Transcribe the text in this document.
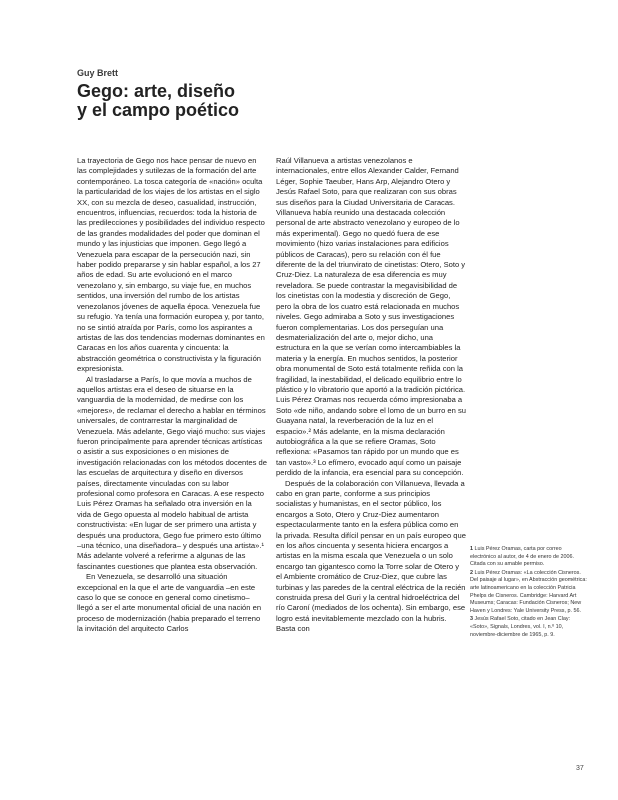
Guy Brett
Gego: arte, diseño
y el campo poético

La trayectoria de Gego nos hace pensar de nuevo en las complejidades y sutilezas de la formación del arte contemporáneo. La tosca categoría de «nación» oculta la particularidad de los viajes de los artistas en el siglo XX, con su mezcla de deseo, casualidad, instrucción, encuentros, influencias, recuerdos: toda la historia de las predilecciones y posibilidades del individuo respecto de las grandes modalidades del poder que dominan el mundo y las injusticias que imponen. Gego llegó a Venezuela para escapar de la persecución nazi, sin haber podido prepararse y sin hablar español, a los 27 años de edad. Su arte evolucionó en el marco venezolano y, sin embargo, su viaje fue, en muchos sentidos, una inversión del rumbo de los artistas venezolanos jóvenes de aquella época. Venezuela fue su refugio. Ya tenía una formación europea y, por tanto, no se sintió atraída por París, como los aspirantes a artistas de las dos tendencias modernas dominantes en Caracas en los años cuarenta y cincuenta: la abstracción geométrica o constructivista y la figuración expresionista.

Al trasladarse a París, lo que movía a muchos de aquellos artistas era el deseo de situarse en la vanguardia de la modernidad, de medirse con los «mejores», de reclamar el derecho a hablar en términos universales, de contrarrestar la marginalidad de Venezuela. Más adelante, Gego viajó mucho: sus viajes fueron principalmente para aprender técnicas artísticas o asistir a sus exposiciones o en misiones de investigación relacionadas con los métodos docentes de las escuelas de arquitectura y diseño en diversos países, directamente vinculadas con su labor profesional como profesora en Caracas. A ese respecto Luis Pérez Oramas ha señalado otra inversión en la vida de Gego opuesta al modelo habitual de artista constructivista: «En lugar de ser primero una artista y después una productora, Gego fue primero esto último –una técnico, una diseñadora– y después una artista».¹ Más adelante volveré a referirme a algunas de las fascinantes cuestiones que plantea esta observación.

En Venezuela, se desarrolló una situación excepcional en la que el arte de vanguardia –en este caso lo que se conoce en general como cinetismo– llegó a ser el arte monumental oficial de una nación en proceso de modernización (habia preparado el terreno la invitación del arquitecto Carlos

Raúl Villanueva a artistas venezolanos e internacionales, entre ellos Alexander Calder, Fernand Léger, Sophie Taeuber, Hans Arp, Alejandro Otero y Jesús Rafael Soto, para que realizaran con sus obras sus diseños para la Ciudad Universitaria de Caracas. Villanueva había reunido una destacada colección personal de arte abstracto venezolano y europeo de lo más experimental). Gego no quedó fuera de ese movimiento (hizo varias instalaciones para edificios públicos de Caracas), pero su relación con él fue diferente de la del triunvirato de cinetistas: Otero, Soto y Cruz-Diez. La naturaleza de esa diferencia es muy reveladora. Se puede contrastar la megavisibilidad de los cinetistas con la modestia y discreción de Gego, pero la obra de los cuatro está relacionada en muchos niveles. Gego admiraba a Soto y sus investigaciones fueron complementarias. Los dos perseguían una desmaterialización del arte o, mejor dicho, una estructura en la que se verían como intercambiables la materia y la energía. En muchos sentidos, la posterior obra monumental de Soto está totalmente reñida con la fragilidad, la inestabilidad, el delicado equilibrio entre lo plástico y lo vibratorio que aportó a la tradición pictórica. Luis Pérez Oramas nos recuerda cómo impresionaba a Soto «de niño, andando sobre el lomo de un burro en su Guayana natal, la reverberación de la luz en el espacio».² Más adelante, en la misma declaración autobiográfica a la que se refiere Oramas, Soto reflexiona: «Pasamos tan rápido por un mundo que es tan vasto».³ Lo efímero, evocado aquí como un paisaje perdido de la infancia, era esencial para su concepción.

Después de la colaboración con Villanueva, llevada a cabo en gran parte, conforme a sus principios socialistas y humanistas, en el sector público, los encargos a Soto, Otero y Cruz-Diez aumentaron espectacularmente tanto en la esfera pública como en la privada. Resulta difícil pensar en un país europeo que en los años cincuenta y sesenta hiciera encargos a artistas en la misma escala que Venezuela o un solo encargo tan gigantesco como la Torre solar de Otero y el Ambiente cromático de Cruz-Diez, que cubre las turbinas y las paredes de la central eléctrica de la recién construida presa del Guri y la central hidroeléctrica del río Caroní (mediados de los ochenta). Sin embargo, ese logro está inevitablemente mezclado con la hubris. Basta con

1 Luis Pérez Oramas, carta por correo electrónico al autor, de 4 de enero de 2006. Citada con su amable permiso.

2 Luis Pérez Oramas: «La colección Cisneros. Del paisaje al lugar», en Abstracción geométrica: arte latinoamericano en la colección Patricia Phelps de Cisneros. Cambridge: Harvard Art Museums; Caracas: Fundación Cisneros; New Haven y Londres: Yale University Press, p. 56.

3 Jesús Rafael Soto, citado en Jean Clay: «Soto», Signals, Londres, vol. I, n.º 10, noviembre-diciembre de 1965, p. 9.

37
